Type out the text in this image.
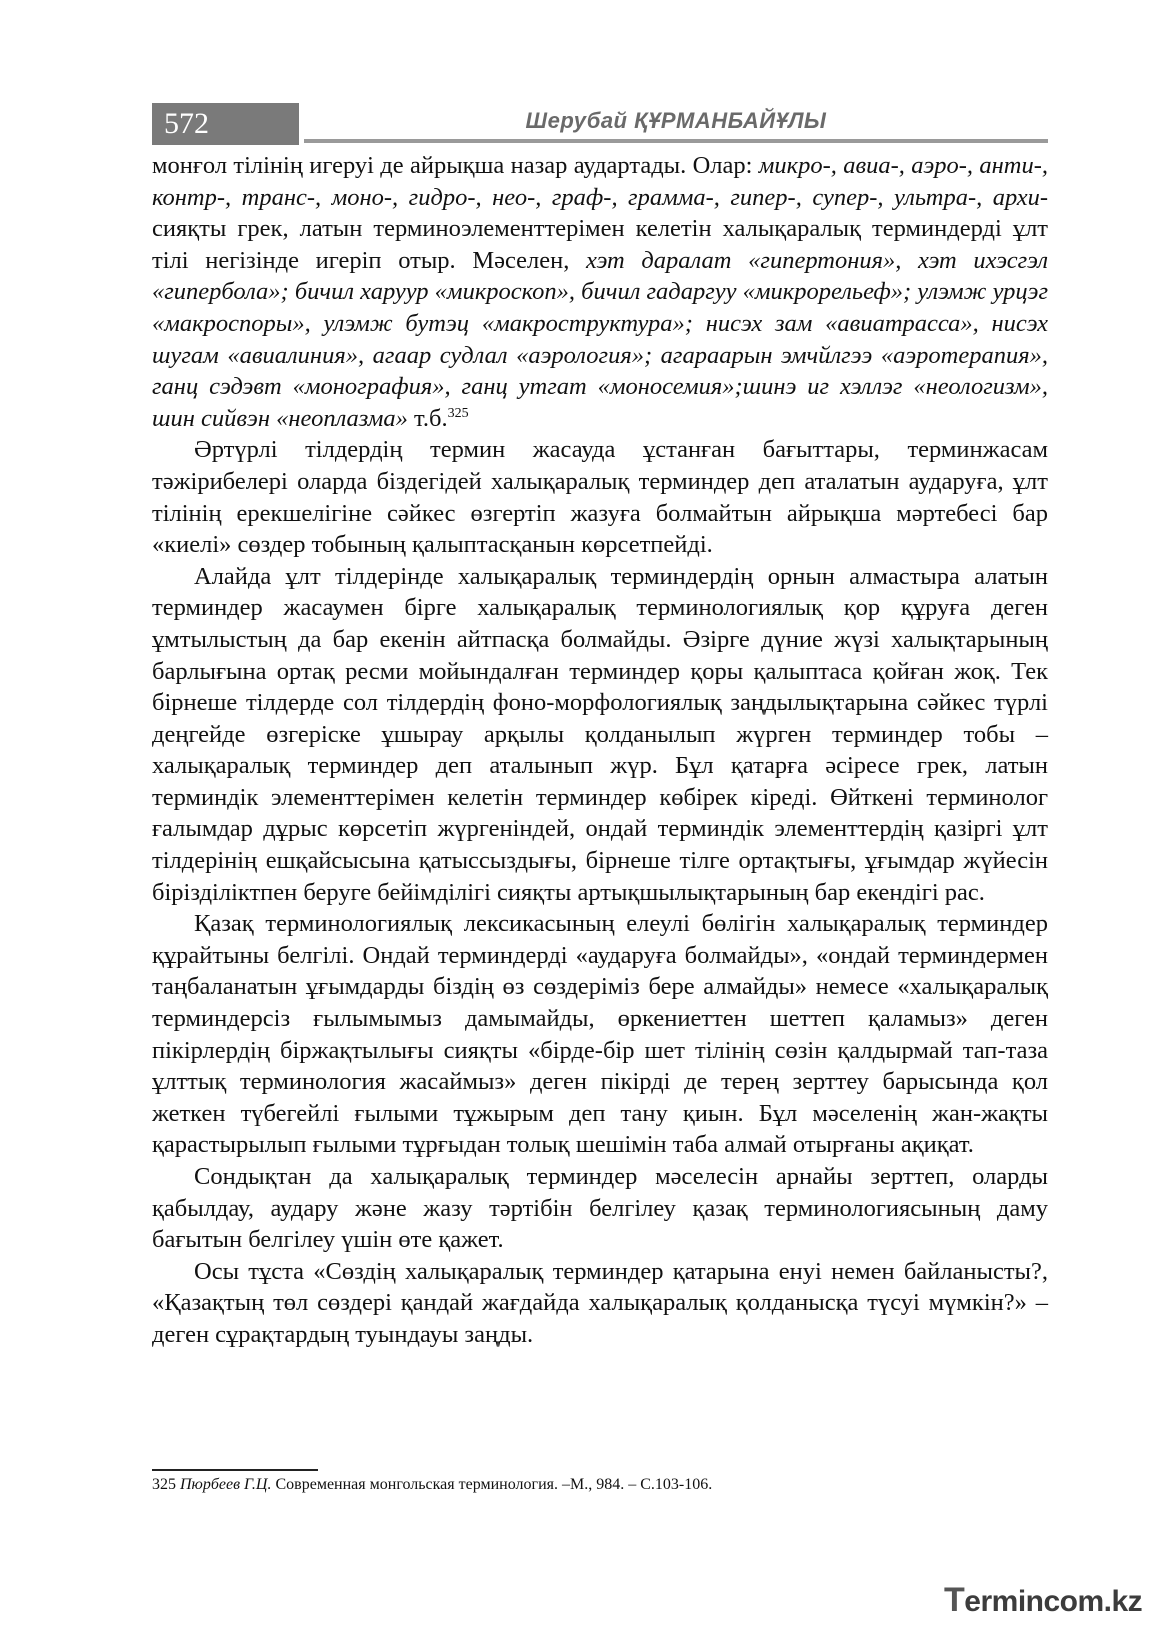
572	Шерубай ҚҰРМАНБАЙҰЛЫ

монғол тілінің игеруі де айрықша назар аудартады. Олар: микро-, авиа-, аэро-, анти-, контр-, транс-, моно-, гидро-, нео-, граф-, грамма-, гипер-, супер-, ультра-, архи- сияқты грек, латын терминоэлементтерімен келетін халықаралық терминдерді ұлт тілі негізінде игеріп отыр. Мәселен, хэт даралат «гипертония», хэт ихэсгэл «гипербола»; бичил харуур «микроскоп», бичил гадаргуу «микрорельеф»; улэмж урцэг «макроспоры», улэмж бутэц «макроструктура»; нисэх зам «авиатрасса», нисэх шугам «авиалиния», агаар судлал «аэрология»; агараарын эмчйлгээ «аэротерапия», ганц сэдэвт «монография», ганц утгат «моносемия»;шинэ иг хэллэг «неологизм», шин сийвэн «неоплазма» т.б.$^{325}$

Әртүрлі тілдердің термин жасауда ұстанған бағыттары, терминжасам тәжірибелері оларда біздегідей халықаралық терминдер деп аталатын аударуға, ұлт тілінің ерекшелігіне сәйкес өзгертіп жазуға болмайтын айрықша мәртебесі бар «киелі» сөздер тобының қалыптасқанын көрсетпейді.

Алайда ұлт тілдерінде халықаралық терминдердің орнын алмастыра алатын терминдер жасаумен бірге халықаралық терминологиялық қор құруға деген ұмтылыстың да бар екенін айтпасқа болмайды. Әзірге дүние жүзі халықтарының барлығына ортақ ресми мойындалған терминдер қоры қалыптаса қойған жоқ. Тек бірнеше тілдерде сол тілдердің фоно-морфологиялық заңдылықтарына сәйкес түрлі деңгейде өзгеріске ұшырау арқылы қолданылып жүрген терминдер тобы – халықаралық терминдер деп аталынып жүр. Бұл қатарға әсіресе грек, латын терминдік элементтерімен келетін терминдер көбірек кіреді. Өйткені терминолог ғалымдар дұрыс көрсетіп жүргеніндей, ондай терминдік элементтердің қазіргі ұлт тілдерінің ешқайсысына қатыссыздығы, бірнеше тілге ортақтығы, ұғымдар жүйесін бірізділіктпен беруге бейімділігі сияқты артықшылықтарының бар екендігі рас.

Қазақ терминологиялық лексикасының елеулі бөлігін халықаралық терминдер құрайтыны белгілі. Ондай терминдерді «аударуға болмайды», «ондай терминдермен таңбаланатын ұғымдарды біздің өз сөздеріміз бере алмайды» немесе «халықаралық терминдерсіз ғылымымыз дамымайды, өркениеттен шеттеп қаламыз» деген пікірлердің біржақтылығы сияқты «бірде-бір шет тілінің сөзін қалдырмай тап-таза ұлттық терминология жасаймыз» деген пікірді де терең зерттеу барысында қол жеткен түбегейлі ғылыми тұжырым деп тану қиын. Бұл мәселенің жан-жақты қарастырылып ғылыми тұрғыдан толық шешімін таба алмай отырғаны ақиқат.

Сондықтан да халықаралық терминдер мәселесін арнайы зерттеп, оларды қабылдау, аудару және жазу тәртібін белгілеу қазақ терминологиясының даму бағытын белгілеу үшін өте қажет.

Осы тұста «Сөздің халықаралық терминдер қатарына енуі немен байланысты?, «Қазақтың төл сөздері қандай жағдайда халықаралық қолданысқа түсуі мүмкін?» – деген сұрақтардың туындауы заңды.

325 Пюрбеев Г.Ц. Современная монгольская терминология. –М., 984. – С.103-106.
Termincom.kz
